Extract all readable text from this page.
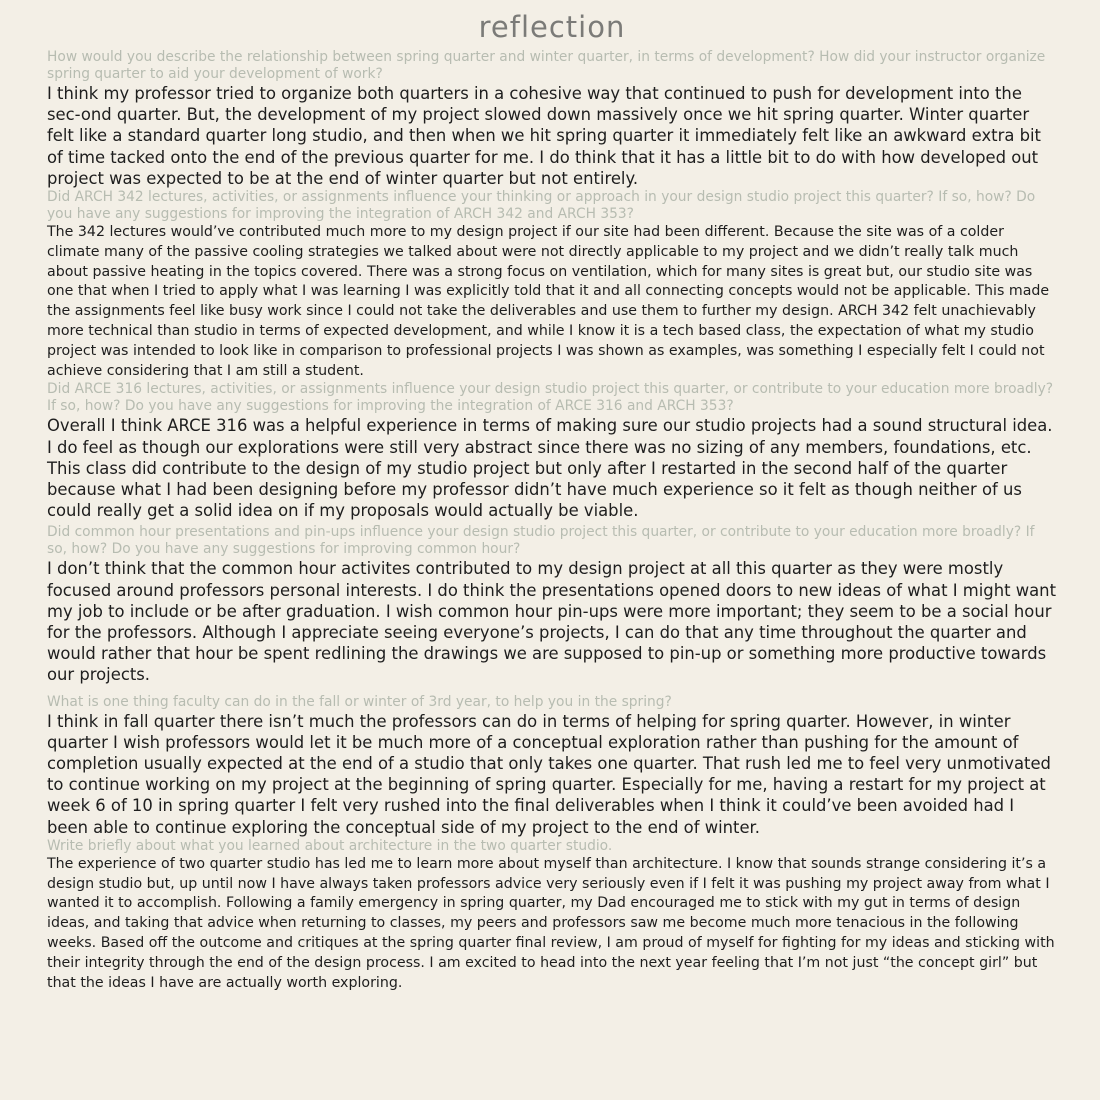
reflection

How would you describe the relationship between spring quarter and winter quarter, in terms of development? How did your instructor organize spring quarter to aid your development of work?

I think my professor tried to organize both quarters in a cohesive way that continued to push for development into the sec-ond quarter. But, the development of my project slowed down massively once we hit spring quarter. Winter quarter felt like a standard quarter long studio, and then when we hit spring quarter it immediately felt like an awkward extra bit of time tacked onto the end of the previous quarter for me. I do think that it has a little bit to do with how developed out project was expected to be at the end of winter quarter but not entirely.

Did ARCH 342 lectures, activities, or assignments influence your thinking or approach in your design studio project this quarter? If so, how? Do you have any suggestions for improving the integration of ARCH 342 and ARCH 353?

The 342 lectures would’ve contributed much more to my design project if our site had been different. Because the site was of a colder climate many of the passive cooling strategies we talked about were not directly applicable to my project and we didn’t really talk much about passive heating in the topics covered. There was a strong focus on ventilation, which for many sites is great but, our studio site was one that when I tried to apply what I was learning I was explicitly told that it and all connecting concepts would not be applicable. This made the assignments feel like busy work since I could not take the deliverables and use them to further my design. ARCH 342 felt unachievably more technical than studio in terms of expected development, and while I know it is a tech based class, the expectation of what my studio project was intended to look like in comparison to professional projects I was shown as examples, was something I especially felt I could not achieve considering that I am still a student.

Did ARCE 316 lectures, activities, or assignments influence your design studio project this quarter, or contribute to your education more broadly? If so, how? Do you have any suggestions for improving the integration of ARCE 316 and ARCH 353?

Overall I think ARCE 316 was a helpful experience in terms of making sure our studio projects had a sound structural idea. I do feel as though our explorations were still very abstract since there was no sizing of any members, foundations, etc. This class did contribute to the design of my studio project but only after I restarted in the second half of the quarter because what I had been designing before my professor didn’t have much experience so it felt as though neither of us could really get a solid idea on if my proposals would actually be viable.

Did common hour presentations and pin-ups influence your design studio project this quarter, or contribute to your education more broadly? If so, how? Do you have any suggestions for improving common hour?

I don’t think that the common hour activites contributed to my design project at all this quarter as they were mostly focused around professors personal interests. I do think the presentations opened doors to new ideas of what I might want my job to include or be after graduation. I wish common hour pin-ups were more important; they seem to be a social hour for the professors. Although I appreciate seeing everyone’s projects, I can do that any time throughout the quarter and would rather that hour be spent redlining the drawings we are supposed to pin-up or something more productive towards our projects.

What is one thing faculty can do in the fall or winter of 3rd year, to help you in the spring?

I think in fall quarter there isn’t much the professors can do in terms of helping for spring quarter. However, in winter quarter I wish professors would let it be much more of a conceptual exploration rather than pushing for the amount of completion usually expected at the end of a studio that only takes one quarter. That rush led me to feel very unmotivated to continue working on my project at the beginning of spring quarter. Especially for me, having a restart for my project at week 6 of 10 in spring quarter I felt very rushed into the final deliverables when I think it could’ve been avoided had I been able to continue exploring the conceptual side of my project to the end of winter.

Write briefly about what you learned about architecture in the two quarter studio.

The experience of two quarter studio has led me to learn more about myself than architecture. I know that sounds strange considering it’s a design studio but, up until now I have always taken professors advice very seriously even if I felt it was pushing my project away from what I wanted it to accomplish. Following a family emergency in spring quarter, my Dad encouraged me to stick with my gut in terms of design ideas, and taking that advice when returning to classes, my peers and professors saw me become much more tenacious in the following weeks. Based off the outcome and critiques at the spring quarter final review, I am proud of myself for fighting for my ideas and sticking with their integrity through the end of the design process. I am excited to head into the next year feeling that I’m not just “the concept girl” but that the ideas I have are actually worth exploring.
